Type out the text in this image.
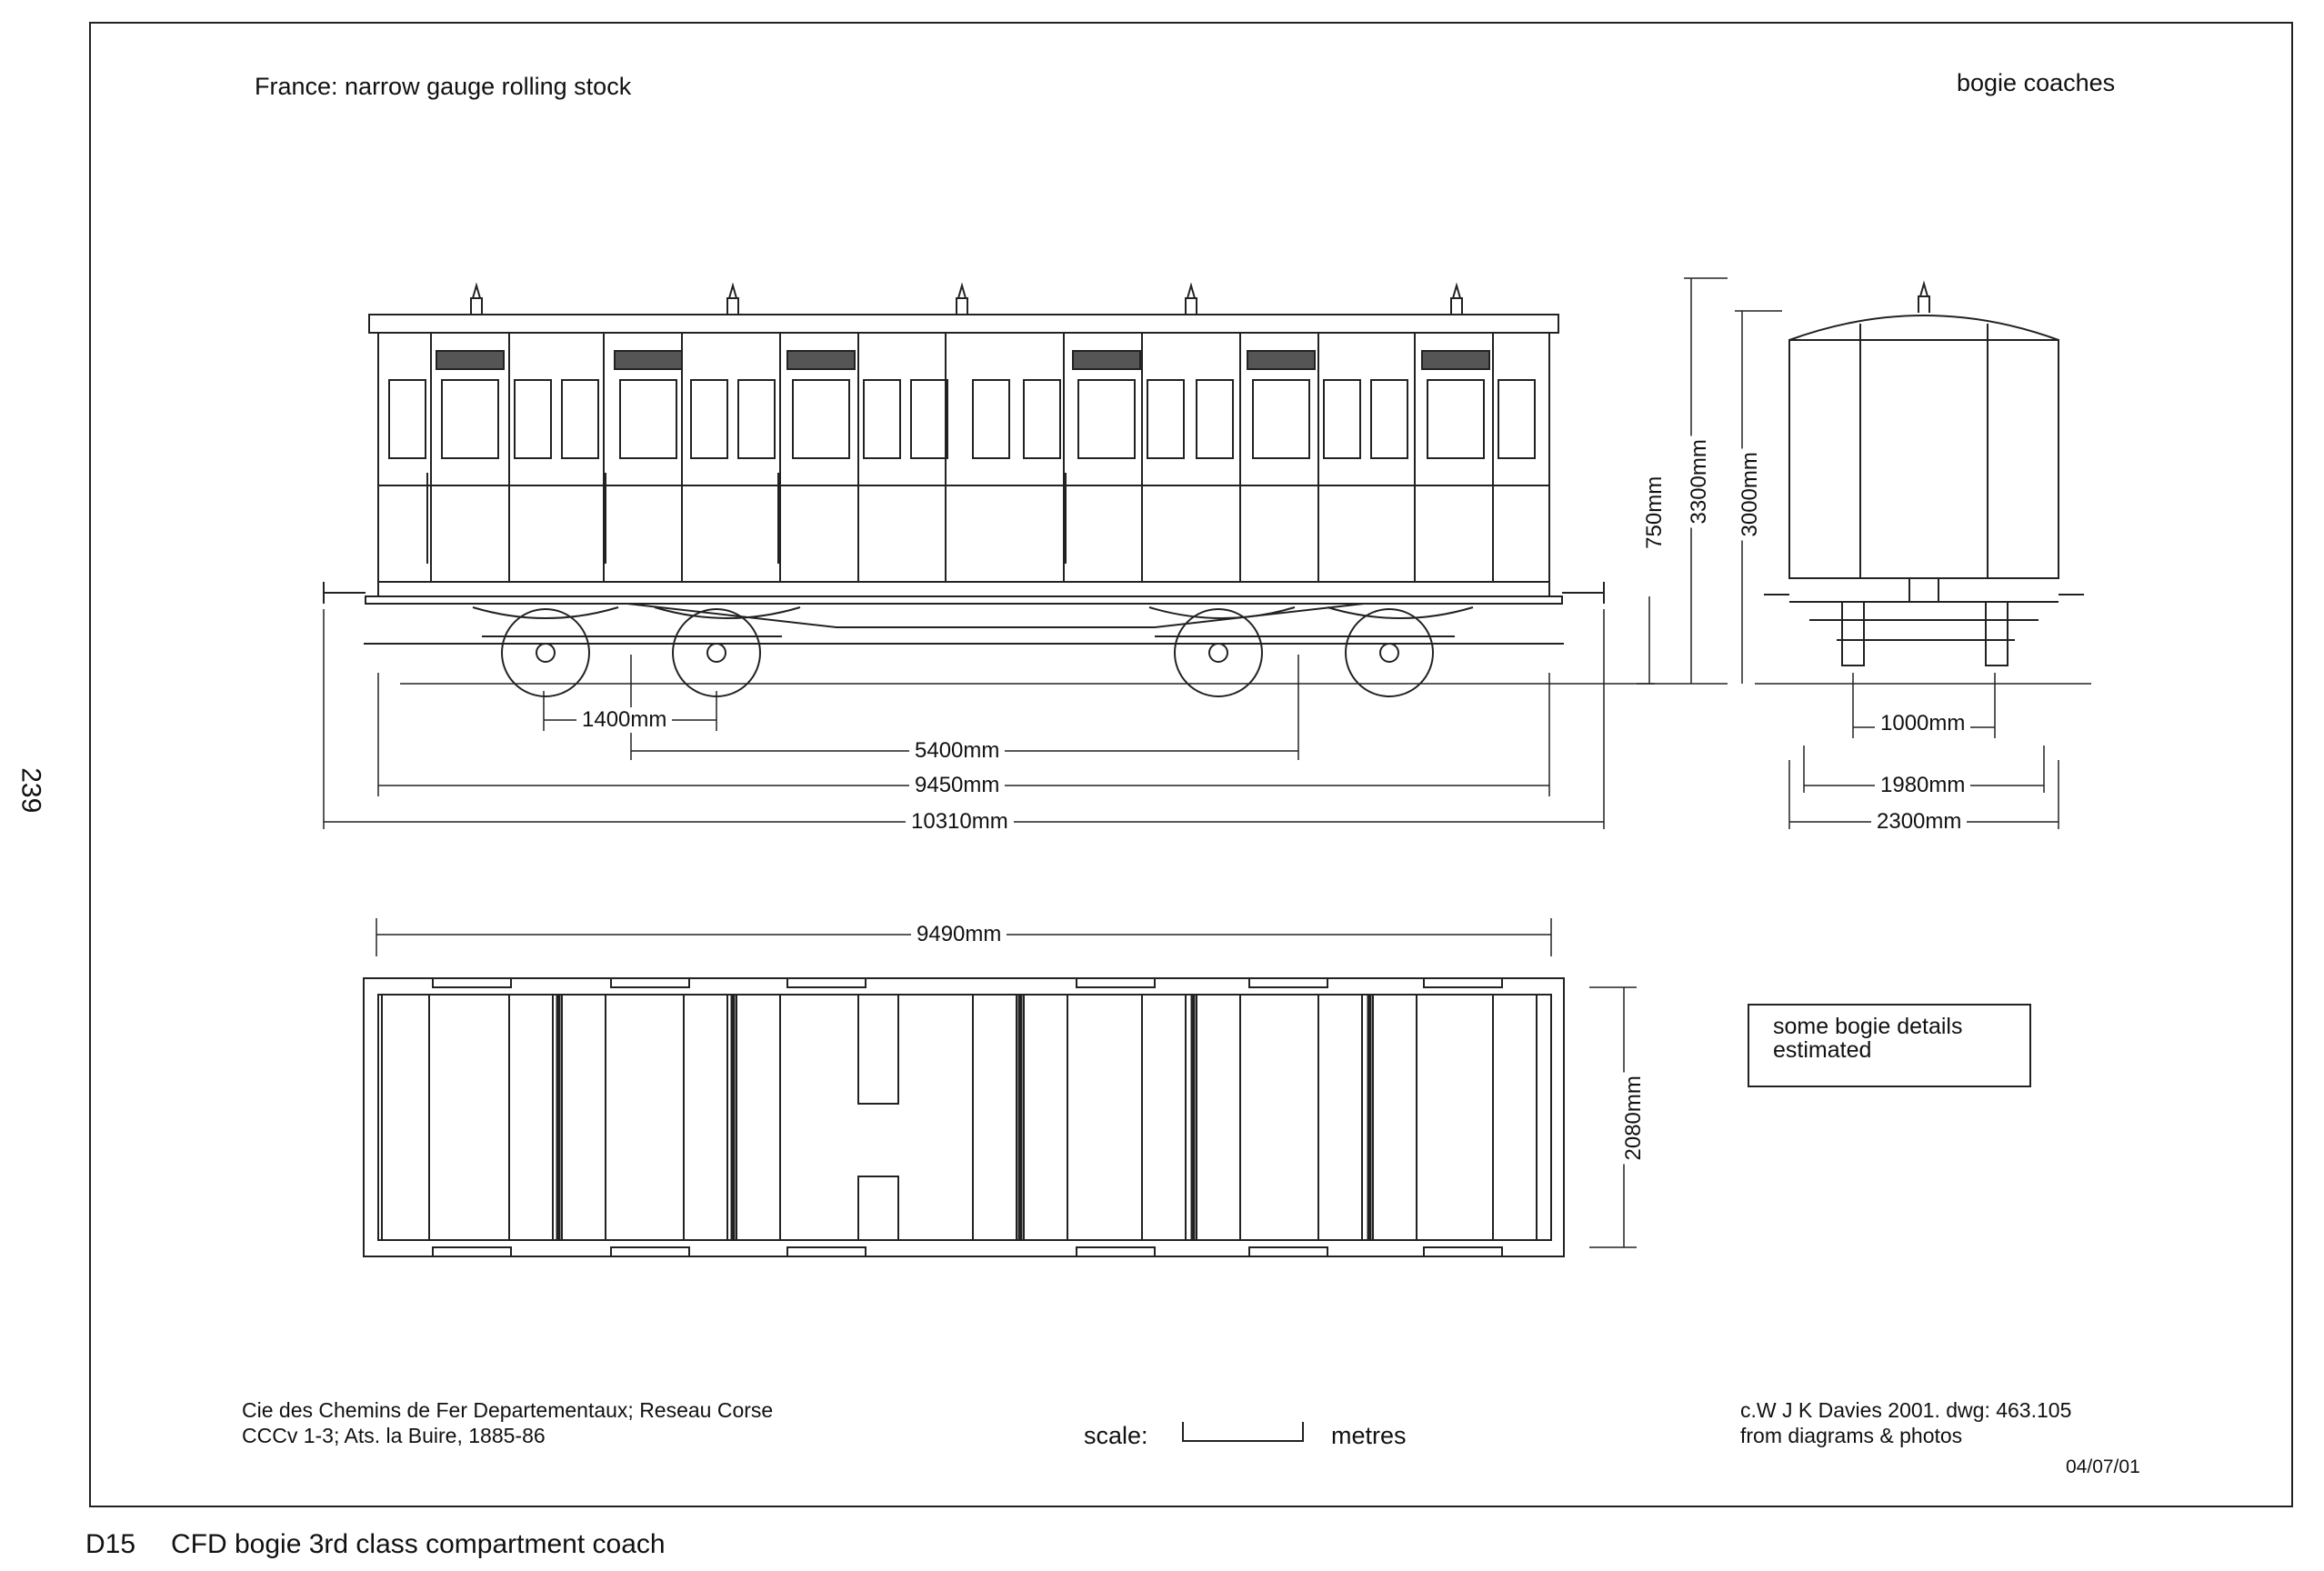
239
France: narrow gauge rolling stock	bogie coaches
1400mm
5400mm
9450mm
10310mm
9490mm
750mm 3300mm 3000mm
1000mm
1980mm
2300mm
2080mm
some bogie details
estimated
Cie des Chemins de Fer Departementaux; Reseau Corse
CCCv 1-3; Ats. la Buire, 1885-86	scale:	metres
c.W J K Davies 2001. dwg: 463.105
from diagrams & photos
04/07/01
D15 CFD bogie 3rd class compartment coach
